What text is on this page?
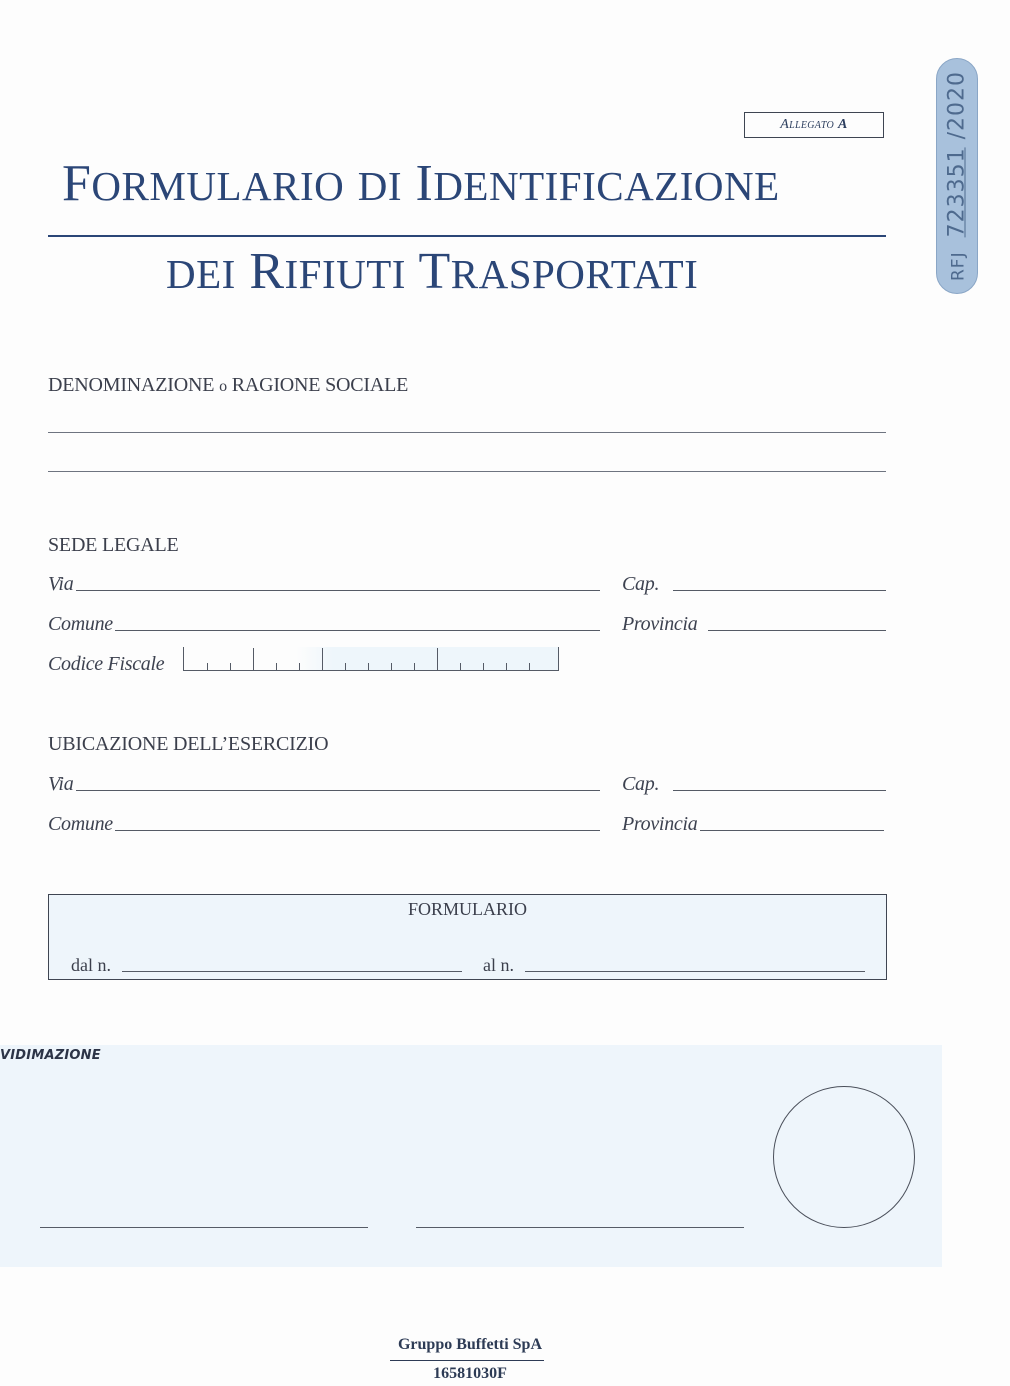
Allegato A
RFJ723351 /2020
FORMULARIO DI IDENTIFICAZIONE
DEI RIFIUTI TRASPORTATI
DENOMINAZIONE o RAGIONE SOCIALE
SEDE LEGALE
Via	Cap.
Comune	Provincia
Codice Fiscale
UBICAZIONE DELL’ESERCIZIO
Via	Cap.
Comune	Provincia
FORMULARIO
dal n.	al n.
VIDIMAZIONE
Gruppo Buffetti SpA
16581030F
